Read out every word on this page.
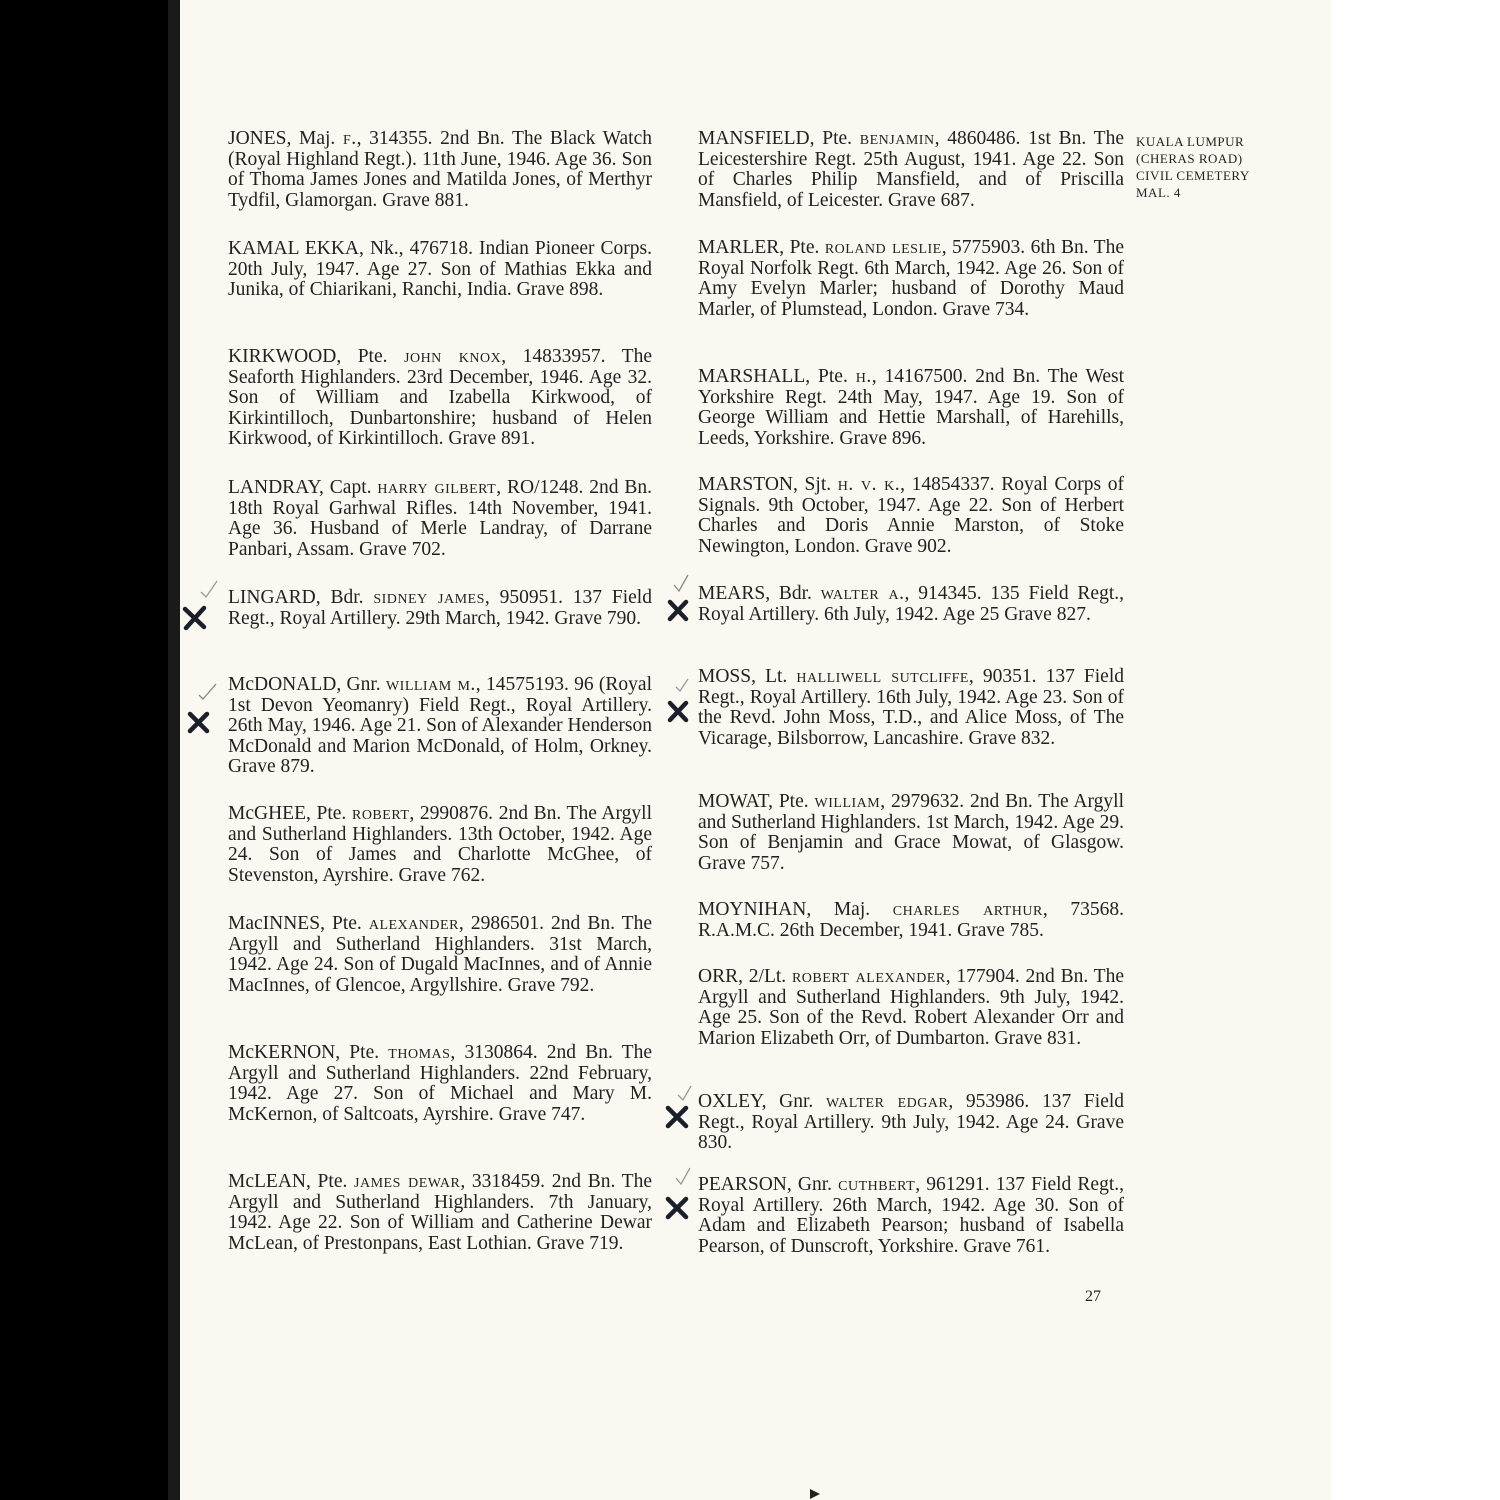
JONES, Maj. f., 314355. 2nd Bn. The Black Watch (Royal Highland Regt.). 11th June, 1946. Age 36. Son of Thoma James Jones and Matilda Jones, of Merthyr Tydfil, Glamorgan. Grave 881.
KAMAL EKKA, Nk., 476718. Indian Pioneer Corps. 20th July, 1947. Age 27. Son of Mathias Ekka and Junika, of Chiarikani, Ranchi, India. Grave 898.
KIRKWOOD, Pte. john knox, 14833957. The Seaforth Highlanders. 23rd December, 1946. Age 32. Son of William and Izabella Kirkwood, of Kirkintilloch, Dunbartonshire; husband of Helen Kirkwood, of Kirkintilloch. Grave 891.
LANDRAY, Capt. harry gilbert, RO/1248. 2nd Bn. 18th Royal Garhwal Rifles. 14th November, 1941. Age 36. Husband of Merle Landray, of Darrane Panbari, Assam. Grave 702.
LINGARD, Bdr. sidney james, 950951. 137 Field Regt., Royal Artillery. 29th March, 1942. Grave 790.
McDONALD, Gnr. william m., 14575193. 96 (Royal 1st Devon Yeomanry) Field Regt., Royal Artillery. 26th May, 1946. Age 21. Son of Alexander Henderson McDonald and Marion McDonald, of Holm, Orkney. Grave 879.
McGHEE, Pte. robert, 2990876. 2nd Bn. The Argyll and Sutherland Highlanders. 13th October, 1942. Age 24. Son of James and Charlotte McGhee, of Stevenston, Ayrshire. Grave 762.
MacINNES, Pte. alexander, 2986501. 2nd Bn. The Argyll and Sutherland Highlanders. 31st March, 1942. Age 24. Son of Dugald MacInnes, and of Annie MacInnes, of Glencoe, Argyllshire. Grave 792.
McKERNON, Pte. thomas, 3130864. 2nd Bn. The Argyll and Sutherland Highlanders. 22nd February, 1942. Age 27. Son of Michael and Mary M. McKernon, of Saltcoats, Ayrshire. Grave 747.
McLEAN, Pte. james dewar, 3318459. 2nd Bn. The Argyll and Sutherland Highlanders. 7th January, 1942. Age 22. Son of William and Catherine Dewar McLean, of Prestonpans, East Lothian. Grave 719.
MANSFIELD, Pte. benjamin, 4860486. 1st Bn. The Leicestershire Regt. 25th August, 1941. Age 22. Son of Charles Philip Mansfield, and of Priscilla Mansfield, of Leicester. Grave 687.
MARLER, Pte. roland leslie, 5775903. 6th Bn. The Royal Norfolk Regt. 6th March, 1942. Age 26. Son of Amy Evelyn Marler; husband of Dorothy Maud Marler, of Plumstead, London. Grave 734.
MARSHALL, Pte. h., 14167500. 2nd Bn. The West Yorkshire Regt. 24th May, 1947. Age 19. Son of George William and Hettie Marshall, of Harehills, Leeds, Yorkshire. Grave 896.
MARSTON, Sjt. h. v. k., 14854337. Royal Corps of Signals. 9th October, 1947. Age 22. Son of Herbert Charles and Doris Annie Marston, of Stoke Newington, London. Grave 902.
MEARS, Bdr. walter a., 914345. 135 Field Regt., Royal Artillery. 6th July, 1942. Age 25 Grave 827.
MOSS, Lt. halliwell sutcliffe, 90351. 137 Field Regt., Royal Artillery. 16th July, 1942. Age 23. Son of the Revd. John Moss, T.D., and Alice Moss, of The Vicarage, Bilsborrow, Lancashire. Grave 832.
MOWAT, Pte. william, 2979632. 2nd Bn. The Argyll and Sutherland Highlanders. 1st March, 1942. Age 29. Son of Benjamin and Grace Mowat, of Glasgow. Grave 757.
MOYNIHAN, Maj. charles arthur, 73568. R.A.M.C. 26th December, 1941. Grave 785.
ORR, 2/Lt. robert alexander, 177904. 2nd Bn. The Argyll and Sutherland Highlanders. 9th July, 1942. Age 25. Son of the Revd. Robert Alexander Orr and Marion Elizabeth Orr, of Dumbarton. Grave 831.
OXLEY, Gnr. walter edgar, 953986. 137 Field Regt., Royal Artillery. 9th July, 1942. Age 24. Grave 830.
PEARSON, Gnr. cuthbert, 961291. 137 Field Regt., Royal Artillery. 26th March, 1942. Age 30. Son of Adam and Elizabeth Pearson; husband of Isabella Pearson, of Dunscroft, Yorkshire. Grave 761.
KUALA LUMPUR
(CHERAS ROAD)
CIVIL CEMETERY
MAL. 4
27
